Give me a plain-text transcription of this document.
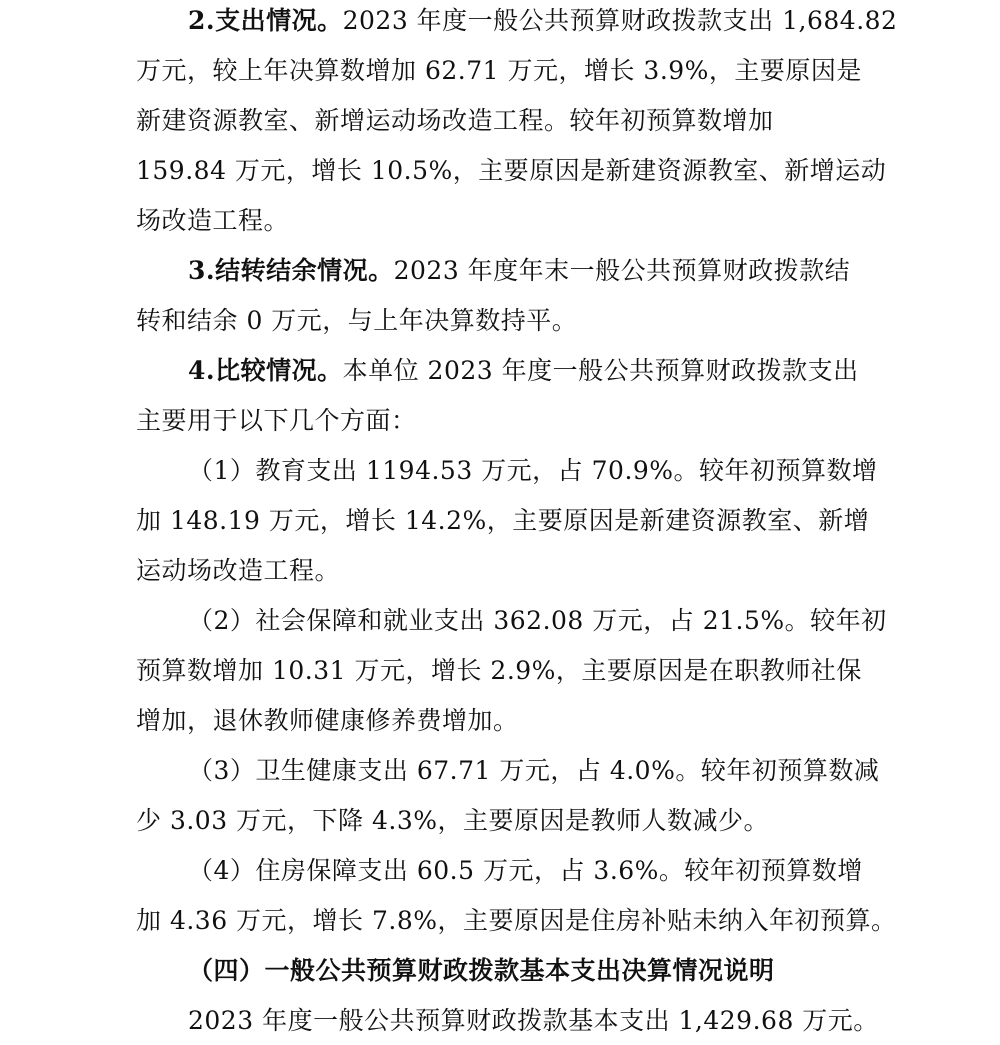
2.支出情况。2023 年度一般公共预算财政拨款支出 1,684.82
万元，较上年决算数增加 62.71 万元，增长 3.9%，主要原因是
新建资源教室、新增运动场改造工程。较年初预算数增加
159.84 万元，增长 10.5%，主要原因是新建资源教室、新增运动
场改造工程。
3.结转结余情况。2023 年度年末一般公共预算财政拨款结
转和结余 0 万元，与上年决算数持平。
4.比较情况。本单位 2023 年度一般公共预算财政拨款支出
主要用于以下几个方面：
（1）教育支出 1194.53 万元，占 70.9%。较年初预算数增
加 148.19 万元，增长 14.2%，主要原因是新建资源教室、新增
运动场改造工程。
（2）社会保障和就业支出 362.08 万元，占 21.5%。较年初
预算数增加 10.31 万元，增长 2.9%，主要原因是在职教师社保
增加，退休教师健康修养费增加。
（3）卫生健康支出 67.71 万元，占 4.0%。较年初预算数减
少 3.03 万元，下降 4.3%，主要原因是教师人数减少。
（4）住房保障支出 60.5 万元，占 3.6%。较年初预算数增
加 4.36 万元，增长 7.8%，主要原因是住房补贴未纳入年初预算。
（四）一般公共预算财政拨款基本支出决算情况说明
2023 年度一般公共预算财政拨款基本支出 1,429.68 万元。
